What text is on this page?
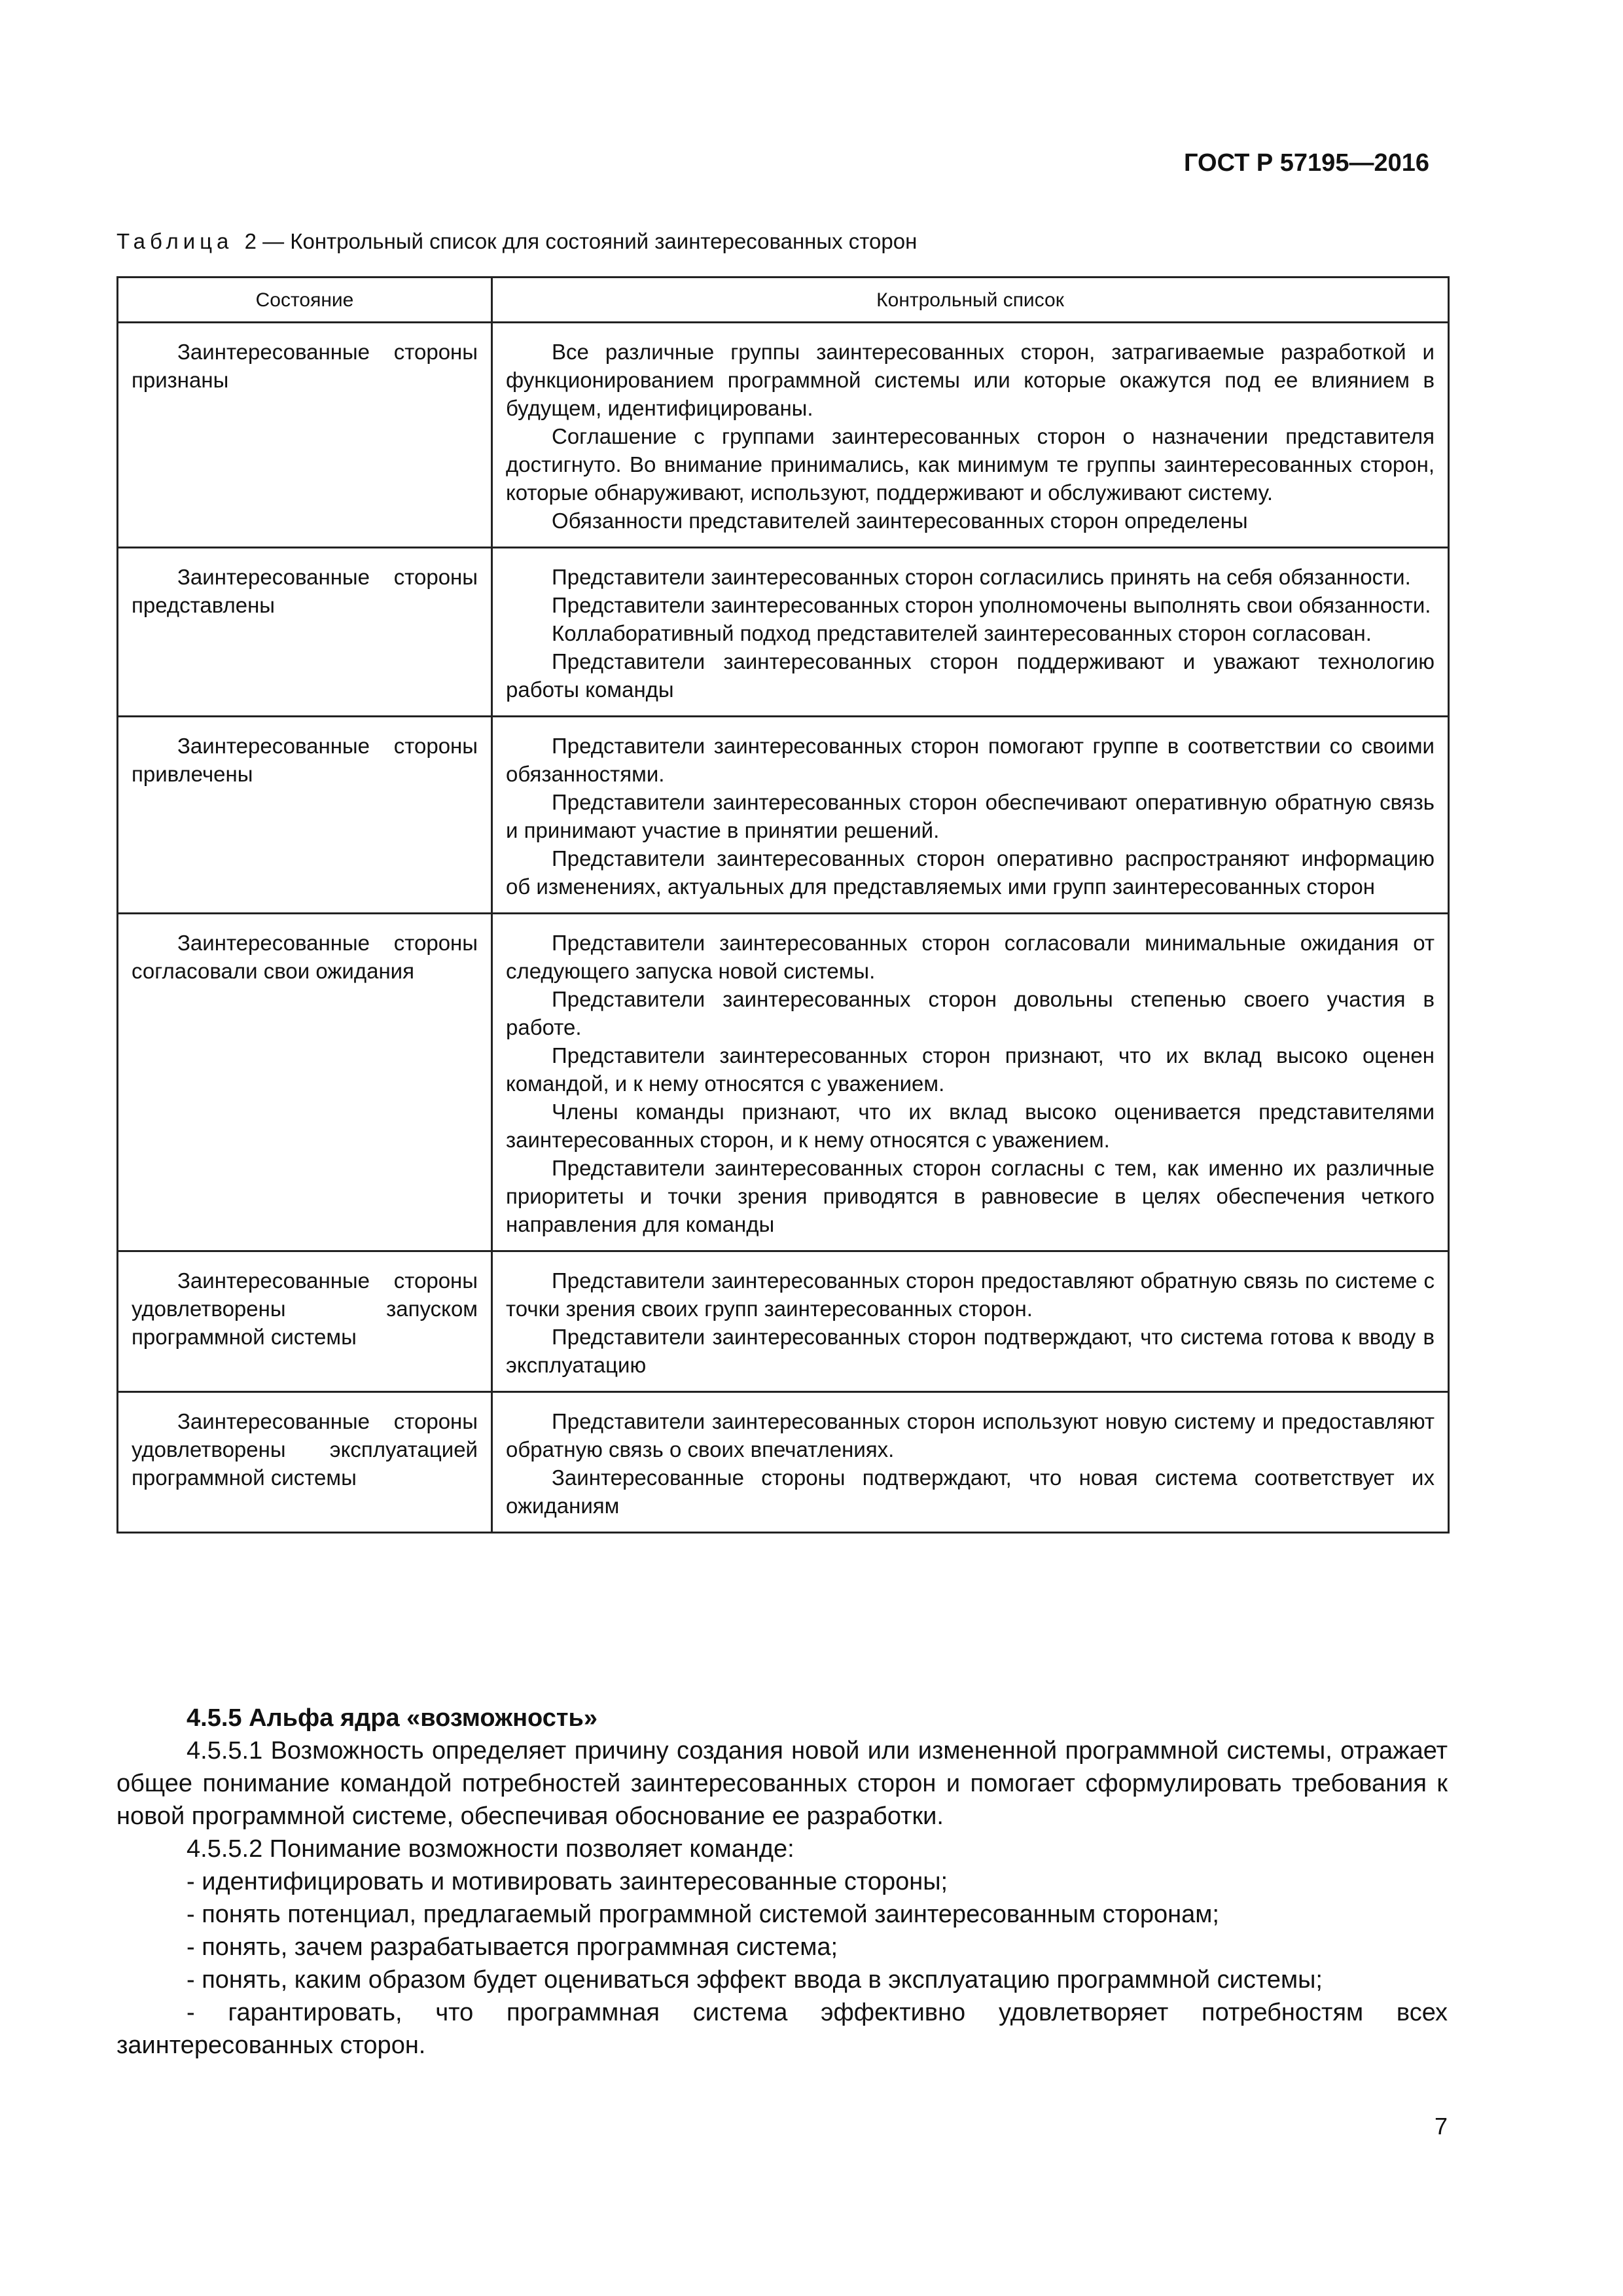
ГОСТ Р 57195—2016
Таблица 2 — Контрольный список для состояний заинтересованных сторон
Состояние	Контрольный список

Заинтересованные стороны признаны	Все различные группы заинтересованных сторон, затрагиваемые разработкой и функционированием программной системы или которые окажутся под ее влиянием в будущем, идентифицированы.

Соглашение с группами заинтересованных сторон о назначении представителя достигнуто. Во внимание принимались, как минимум те группы заинтересованных сторон, которые обнаруживают, используют, поддерживают и обслуживают систему.

Обязанности представителей заинтересованных сторон определены

Заинтересованные стороны представлены	Представители заинтересованных сторон согласились принять на себя обязанности.

Представители заинтересованных сторон уполномочены выполнять свои обязанности.

Коллаборативный подход представителей заинтересованных сторон согласован.

Представители заинтересованных сторон поддерживают и уважают технологию работы команды

Заинтересованные стороны привлечены	Представители заинтересованных сторон помогают группе в соответствии со своими обязанностями.

Представители заинтересованных сторон обеспечивают оперативную обратную связь и принимают участие в принятии решений.

Представители заинтересованных сторон оперативно распространяют информацию об изменениях, актуальных для представляемых ими групп заинтересованных сторон

Заинтересованные стороны согласовали свои ожидания	Представители заинтересованных сторон согласовали минимальные ожидания от следующего запуска новой системы.

Представители заинтересованных сторон довольны степенью своего участия в работе.

Представители заинтересованных сторон признают, что их вклад высоко оценен командой, и к нему относятся с уважением.

Члены команды признают, что их вклад высоко оценивается представителями заинтересованных сторон, и к нему относятся с уважением.

Представители заинтересованных сторон согласны с тем, как именно их различные приоритеты и точки зрения приводятся в равновесие в целях обеспечения четкого направления для команды

Заинтересованные стороны удовлетворены запуском программной системы	Представители заинтересованных сторон предоставляют обратную связь по системе с точки зрения своих групп заинтересованных сторон.

Представители заинтересованных сторон подтверждают, что система готова к вводу в эксплуатацию

Заинтересованные стороны удовлетворены эксплуатацией программной системы	Представители заинтересованных сторон используют новую систему и предоставляют обратную связь о своих впечатлениях.

Заинтересованные стороны подтверждают, что новая система соответствует их ожиданиям

4.5.5 Альфа ядра «возможность»

4.5.5.1 Возможность определяет причину создания новой или измененной программной системы, отражает общее понимание командой потребностей заинтересованных сторон и помогает сформулировать требования к новой программной системе, обеспечивая обоснование ее разработки.

4.5.5.2 Понимание возможности позволяет команде:

- идентифицировать и мотивировать заинтересованные стороны;

- понять потенциал, предлагаемый программной системой заинтересованным сторонам;

- понять, зачем разрабатывается программная система;

- понять, каким образом будет оцениваться эффект ввода в эксплуатацию программной системы;

- гарантировать, что программная система эффективно удовлетворяет потребностям всех заинтересованных сторон.

7
